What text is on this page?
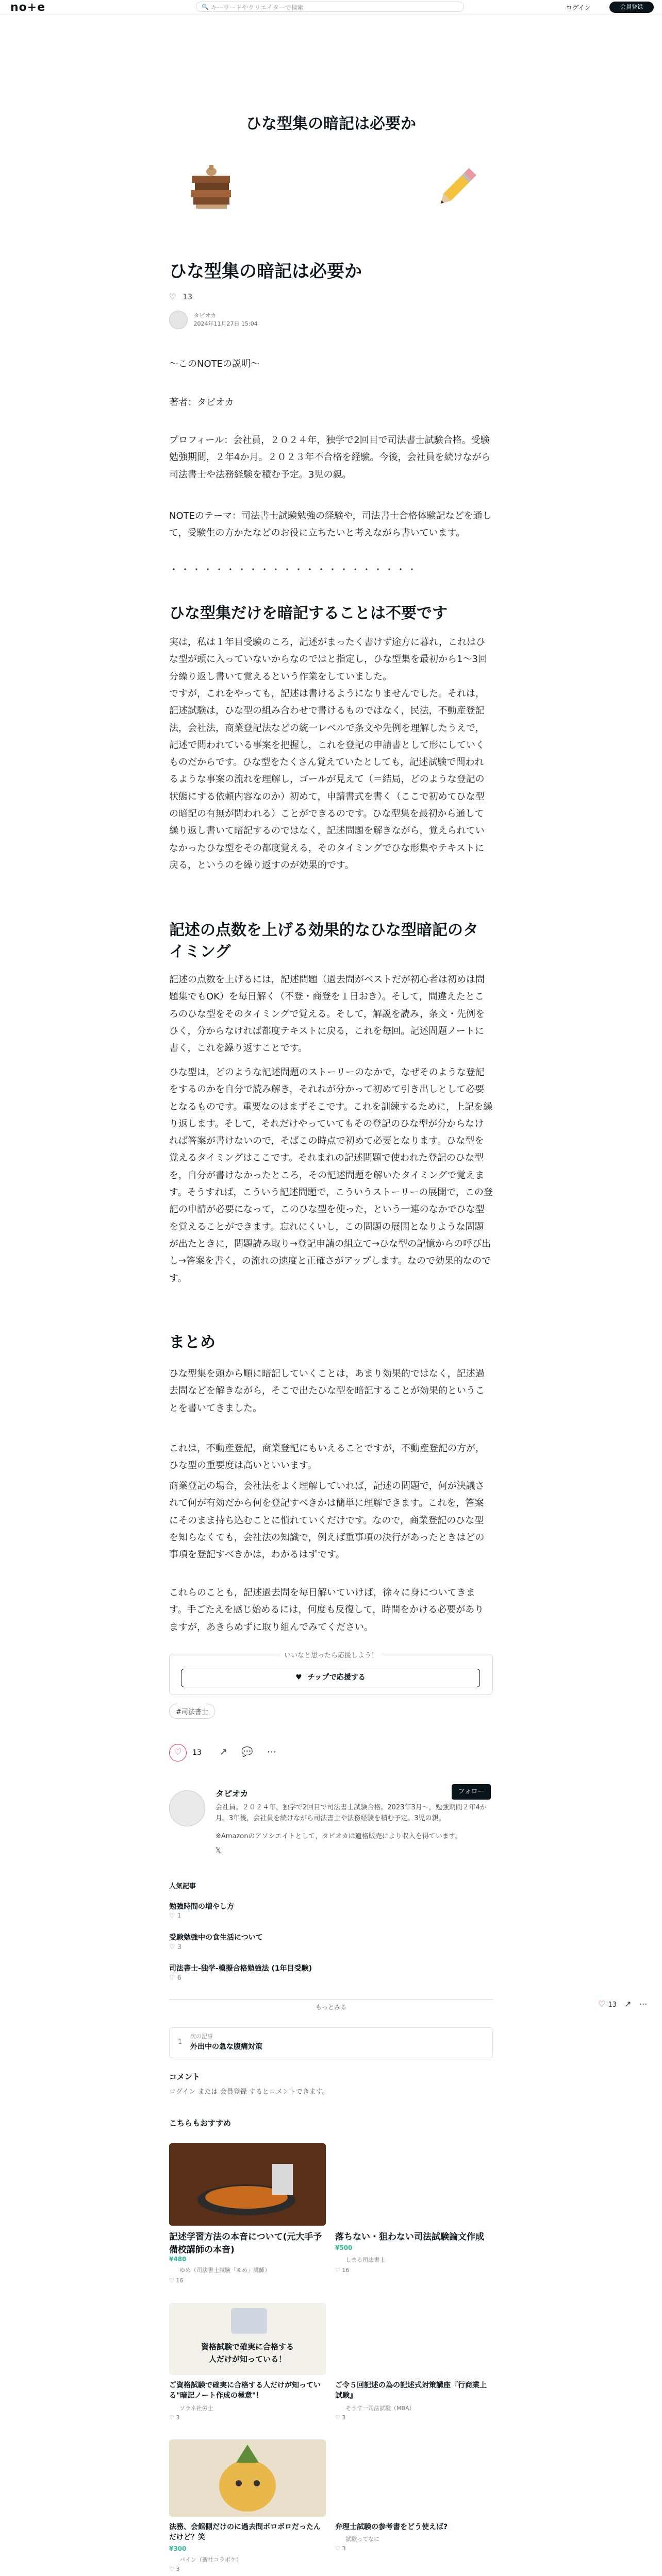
no+e	🔍 キーワードやクリエイターで検索	ログイン	会員登録
ひな型集の暗記は必要か
ひな型集の暗記は必要か
♡ 13
タピオカ
2024年11月27日 15:04

〜このNOTEの説明〜

著者：タピオカ

プロフィール：会社員，２０２４年，独学で2回目で司法書士試験合格。受験勉強期間，２年4か月。２０２３年不合格を経験。今後，会社員を続けながら司法書士や法務経験を積む予定。3児の親。

NOTEのテーマ：司法書士試験勉強の経験や，司法書士合格体験記などを通して，受験生の方かたなどのお役に立ちたいと考えながら書いています。

・・・・・・・・・・・・・・・・・・・・・・

ひな型集だけを暗記することは不要です

実は，私は１年目受験のころ，記述がまったく書けず途方に暮れ，これはひな型が頭に入っていないからなのではと指定し，ひな型集を最初から1〜3回分繰り返し書いて覚えるという作業をしていました。

ですが，これをやっても，記述は書けるようになりませんでした。それは，記述試験は，ひな型の組み合わせで書けるものではなく，民法，不動産登記法，会社法，商業登記法などの統一レベルで条文や先例を理解したうえで，記述で問われている事案を把握し，これを登記の申請書として形にしていくものだからです。ひな型をたくさん覚えていたとしても，記述試験で問われるような事案の流れを理解し，ゴールが見えて（＝結局，どのような登記の状態にする依頼内容なのか）初めて，申請書式を書く（ここで初めてひな型の暗記の有無が問われる）ことができるのです。ひな型集を最初から通して繰り返し書いて暗記するのではなく，記述問題を解きながら，覚えられていなかったひな型をその都度覚える，そのタイミングでひな形集やテキストに戻る，というのを繰り返すのが効果的です。

記述の点数を上げる効果的なひな型暗記のタイミング

記述の点数を上げるには，記述問題（過去問がベストだが初心者は初めは問題集でもOK）を毎日解く（不登・商登を１日おき）。そして，間違えたところのひな型をそのタイミングで覚える。そして，解説を読み，条文・先例をひく，分からなければ都度テキストに戻る，これを毎回。記述問題ノートに書く，これを繰り返すことです。

ひな型は，どのような記述問題のストーリーのなかで，なぜそのような登記をするのかを自分で読み解き，それれが分かって初めて引き出しとして必要となるものです。重要なのはまずそこです。これを訓練するために，上記を繰り返します。そして，それだけやっていてもその登記のひな型が分からなければ答案が書けないので，そばこの時点で初めて必要となります。ひな型を覚えるタイミングはここです。それまれの記述問題で使われた登記のひな型を，自分が書けなかったところ，その記述問題を解いたタイミングで覚えます。そうすれば，こういう記述問題で，こういうストーリーの展開で，この登記の申請が必要になって，このひな型を使った，という一連のなかでひな型を覚えることができます。忘れにくいし，この問題の展開となりような問題が出たときに，問題読み取り→登記申請の組立て→ひな型の記憶からの呼び出し→答案を書く，の流れの速度と正確さがアップします。なので効果的なのです。

まとめ

ひな型集を頭から順に暗記していくことは，あまり効果的ではなく，記述過去問などを解きながら，そこで出たひな型を暗記することが効果的ということを書いてきました。

これは，不動産登記，商業登記にもいえることですが，不動産登記の方が，ひな型の重要度は高いといいます。

商業登記の場合，会社法をよく理解していれば，記述の問題で，何が決議されて何が有効だから何を登記すべきかは簡単に理解できます。これを，答案にそのまま持ち込むことに慣れていくだけです。なので，商業登記のひな型を知らなくても，会社法の知識で，例えば重事項の決行があったときはどの事項を登記すべきかは，わかるはずです。

これらのことも，記述過去問を毎日解いていけば，徐々に身についてきます。手ごたえを感じ始めるには，何度も反復して，時間をかける必要がありますが，あきらめずに取り組んでみてください。

いいなと思ったら応援しよう！
♥ チップで応援する
#司法書士
♡ 13 ↗ 💬 ⋯
タピオカ	フォロー
会社員。２０２４年，独学で2回目で司法書士試験合格。2023年3月〜，勉強期間２年4か月。3年後，会社員を続けながら司法書士や法務経験を積む予定。3児の親。
※Amazonのアソシエイトとして，タピオカは適格販売により収入を得ています。
𝕏
人気記事
勉強時間の増やし方
♡ 1
受験勉強中の食生活について
♡ 3
司法書士-独学-模擬合格勉強法 (1年目受験)
♡ 6
もっとみる	♡ 13 ↗ ⋯
1
次の記事
外出中の急な腹痛対策
コメント
ログイン または 会員登録 するとコメントできます。
こちらもおすすめ
記述学習方法の本音について(元大手予備校講師の本音)
¥480
ゆめ（司法書士試験「ゆめ」講師）
♡ 16
落ちない・狙わない司法試験論文作成
¥500
しまる司法書士
♡ 16
資格試験で確実に合格する
人だけが知っている！
ご資格試験で確実に合格する人だけが知っている"暗記ノート作成の極意"！
ソラネ社労士
♡ 3
ご令５回記述の為の記述式対策講座『行商業上試験』
そうす一司法試験（MBA）
♡ 3
法務、会館側だけのに過去問ボロボロだったんだけど？笑
¥300
パイン（新社コラボケ）
♡ 3
弁理士試験の参考書をどう使えば?
試験ってなに
♡ 3
